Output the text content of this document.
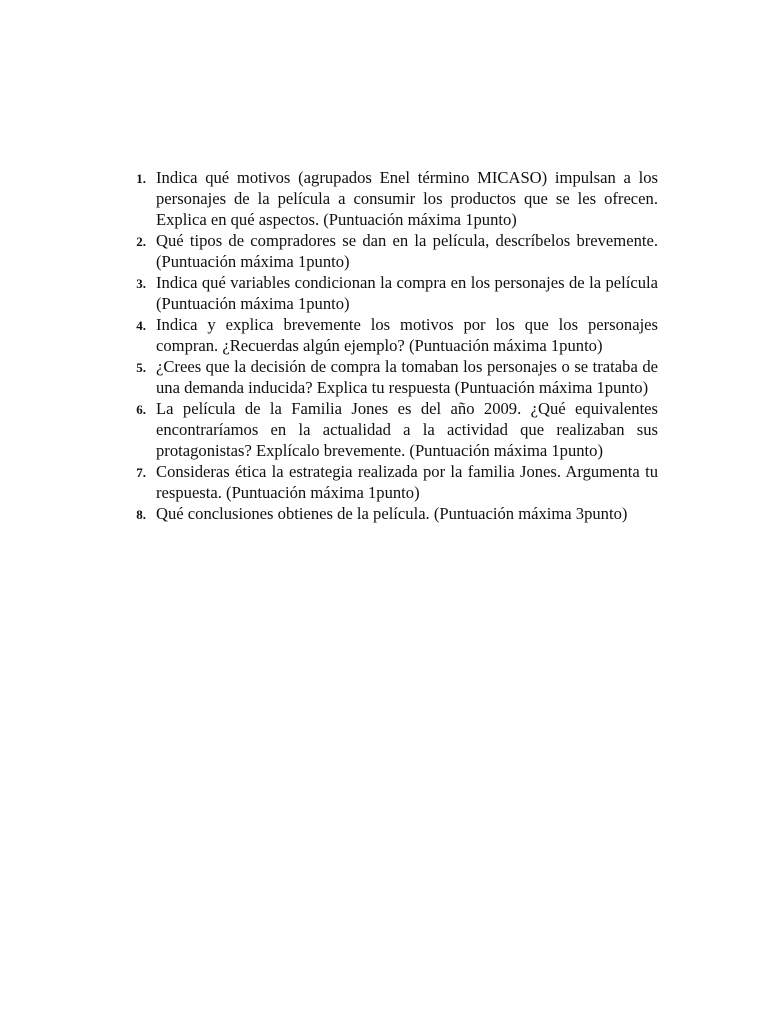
1. Indica qué motivos (agrupados Enel término MICASO) impulsan a los personajes de la película a consumir los productos que se les ofrecen. Explica en qué aspectos. (Puntuación máxima 1punto)
2. Qué tipos de compradores se dan en la película, descríbelos brevemente. (Puntuación máxima 1punto)
3. Indica qué variables condicionan la compra en los personajes de la película (Puntuación máxima 1punto)
4. Indica y explica brevemente los motivos por los que los personajes compran. ¿Recuerdas algún ejemplo? (Puntuación máxima 1punto)
5. ¿Crees que la decisión de compra la tomaban los personajes o se trataba de una demanda inducida? Explica tu respuesta (Puntuación máxima 1punto)
6. La película de la Familia Jones es del año 2009. ¿Qué equivalentes encontraríamos en la actualidad a la actividad que realizaban sus protagonistas? Explícalo brevemente. (Puntuación máxima 1punto)
7. Consideras ética la estrategia realizada por la familia Jones. Argumenta tu respuesta. (Puntuación máxima 1punto)
8. Qué conclusiones obtienes de la película. (Puntuación máxima 3punto)
